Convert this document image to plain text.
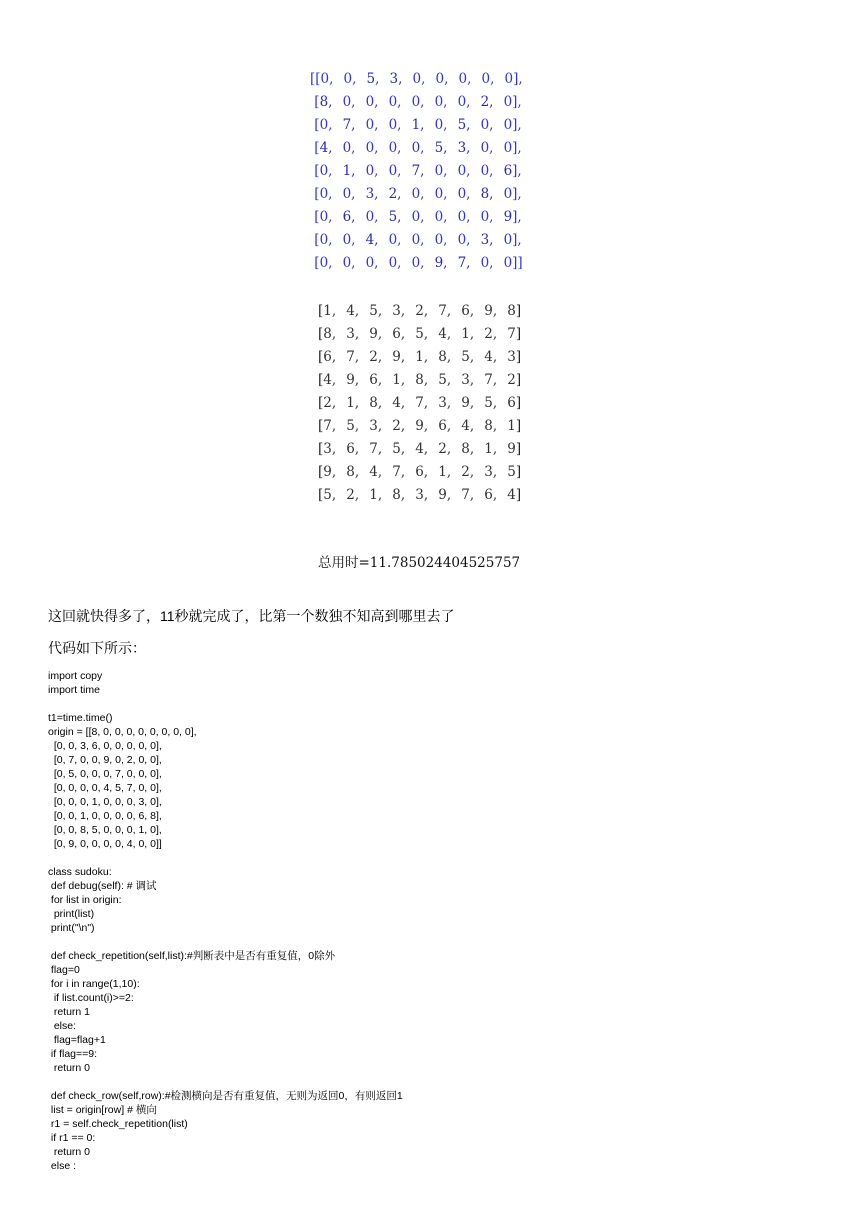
[[ 0, 0, 5, 3, 0, 0, 0, 0, 0 ],
[ 8, 0, 0, 0, 0, 0, 0, 2, 0 ],
[ 0, 7, 0, 0, 1, 0, 5, 0, 0 ],
[ 4, 0, 0, 0, 0, 5, 3, 0, 0 ],
[ 0, 1, 0, 0, 7, 0, 0, 0, 6 ],
[ 0, 0, 3, 2, 0, 0, 0, 8, 0 ],
[ 0, 6, 0, 5, 0, 0, 0, 0, 9 ],
[ 0, 0, 4, 0, 0, 0, 0, 3, 0 ],
[ 0, 0, 0, 0, 0, 9, 7, 0, 0 ]]
[ 1, 4, 5, 3, 2, 7, 6, 9, 8 ]
[ 8, 3, 9, 6, 5, 4, 1, 2, 7 ]
[ 6, 7, 2, 9, 1, 8, 5, 4, 3 ]
[ 4, 9, 6, 1, 8, 5, 3, 7, 2 ]
[ 2, 1, 8, 4, 7, 3, 9, 5, 6 ]
[ 7, 5, 3, 2, 9, 6, 4, 8, 1 ]
[ 3, 6, 7, 5, 4, 2, 8, 1, 9 ]
[ 9, 8, 4, 7, 6, 1, 2, 3, 5 ]
[ 5, 2, 1, 8, 3, 9, 7, 6, 4 ]
总用时=11.785024404525757
这回就快得多了，11秒就完成了，比第一个数独不知高到哪里去了
代码如下所示：
import copy
import time

t1=time.time()
origin = [[8, 0, 0, 0, 0, 0, 0, 0, 0],
[0, 0, 3, 6, 0, 0, 0, 0, 0],
[0, 7, 0, 0, 9, 0, 2, 0, 0],
[0, 5, 0, 0, 0, 7, 0, 0, 0],
[0, 0, 0, 0, 4, 5, 7, 0, 0],
[0, 0, 0, 1, 0, 0, 0, 3, 0],
[0, 0, 1, 0, 0, 0, 0, 6, 8],
[0, 0, 8, 5, 0, 0, 0, 1, 0],
[0, 9, 0, 0, 0, 0, 4, 0, 0]]

class sudoku:
def debug(self): # 调试
for list in origin:
print(list)
print("\n")

def check_repetition(self,list):#判断表中是否有重复值，0除外
flag=0
for i in range(1,10):
if list.count(i)>=2:
return 1
else:
flag=flag+1
if flag==9:
return 0

def check_row(self,row):#检测横向是否有重复值，无则为返回0，有则返回1
list = origin[row] # 横向
r1 = self.check_repetition(list)
if r1 == 0:
return 0
else :
